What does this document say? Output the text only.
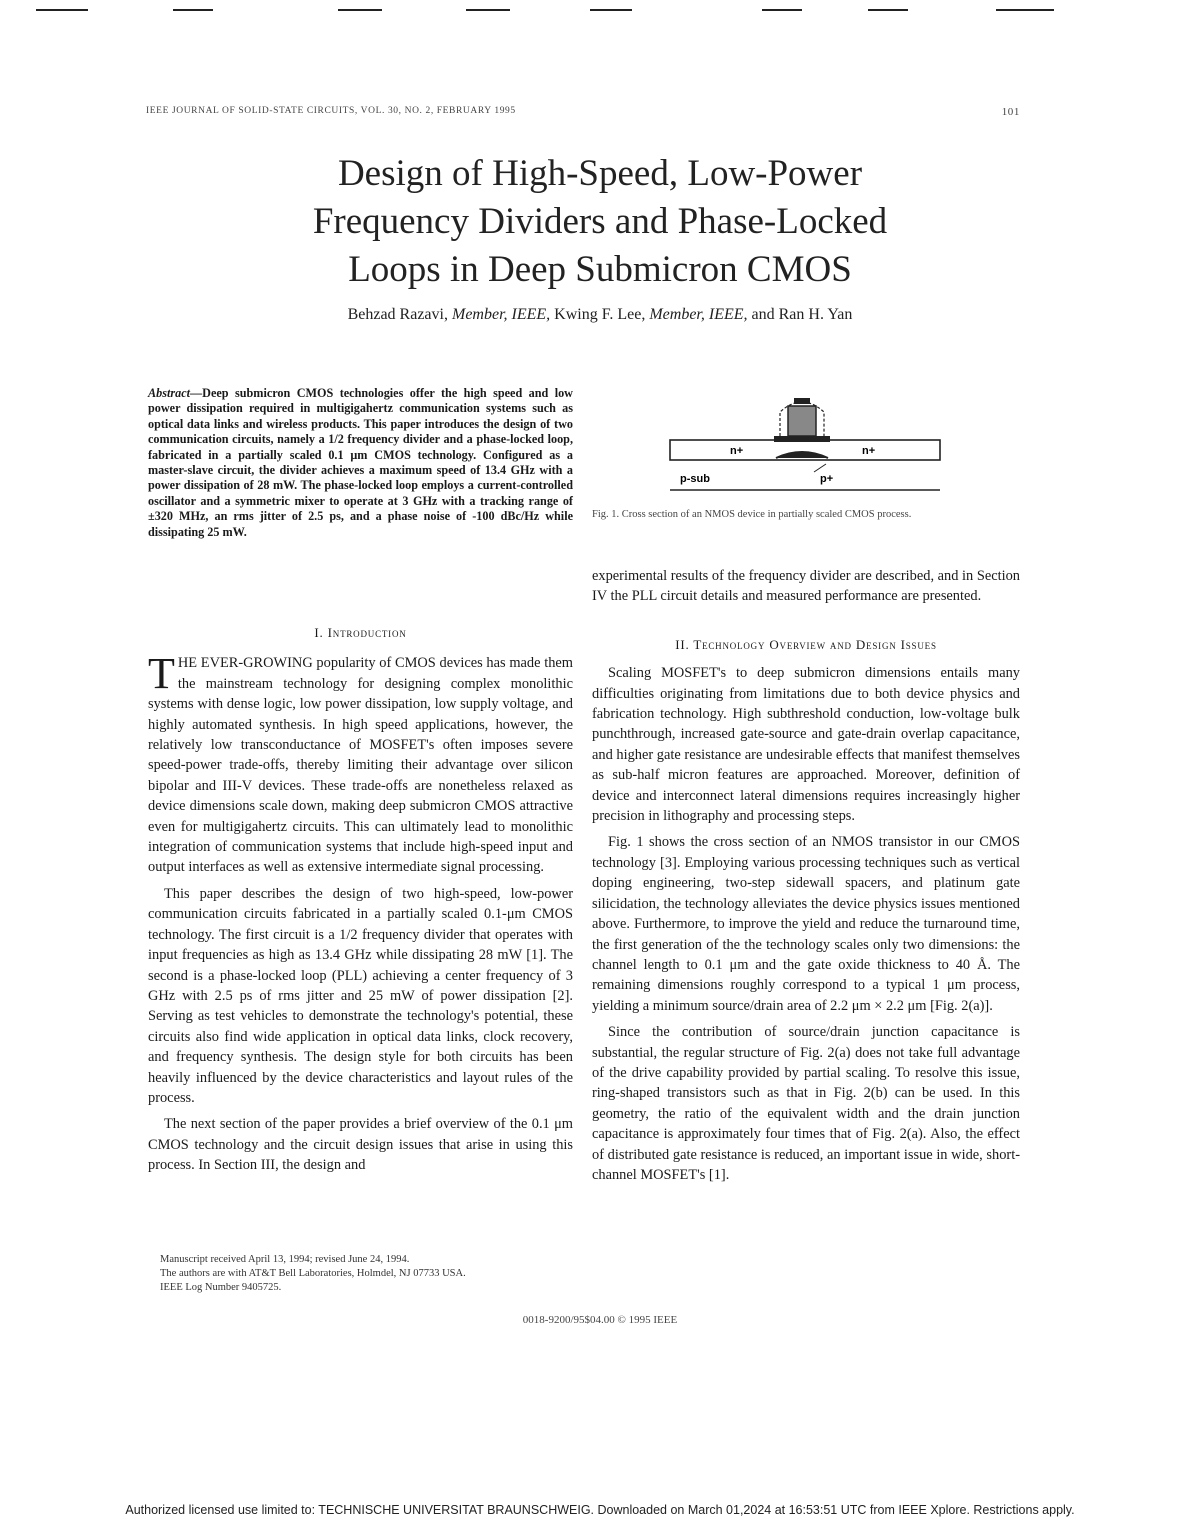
IEEE JOURNAL OF SOLID-STATE CIRCUITS, VOL. 30, NO. 2, FEBRUARY 1995	101
Design of High-Speed, Low-Power
Frequency Dividers and Phase-Locked
Loops in Deep Submicron CMOS
Behzad Razavi, Member, IEEE, Kwing F. Lee, Member, IEEE, and Ran H. Yan
Abstract—Deep submicron CMOS technologies offer the high speed and low power dissipation required in multigigahertz communication systems such as optical data links and wireless products. This paper introduces the design of two communication circuits, namely a 1/2 frequency divider and a phase-locked loop, fabricated in a partially scaled 0.1 μm CMOS technology. Configured as a master-slave circuit, the divider achieves a maximum speed of 13.4 GHz with a power dissipation of 28 mW. The phase-locked loop employs a current-controlled oscillator and a symmetric mixer to operate at 3 GHz with a tracking range of ±320 MHz, an rms jitter of 2.5 ps, and a phase noise of -100 dBc/Hz while dissipating 25 mW.

I. Introduction

THE EVER-GROWING popularity of CMOS devices has made them the mainstream technology for designing complex monolithic systems with dense logic, low power dissipation, low supply voltage, and highly automated synthesis. In high speed applications, however, the relatively low transconductance of MOSFET's often imposes severe speed-power trade-offs, thereby limiting their advantage over silicon bipolar and III-V devices. These trade-offs are nonetheless relaxed as device dimensions scale down, making deep submicron CMOS attractive even for multigigahertz circuits. This can ultimately lead to monolithic integration of communication systems that include high-speed input and output interfaces as well as extensive intermediate signal processing.

This paper describes the design of two high-speed, low-power communication circuits fabricated in a partially scaled 0.1-μm CMOS technology. The first circuit is a 1/2 frequency divider that operates with input frequencies as high as 13.4 GHz while dissipating 28 mW [1]. The second is a phase-locked loop (PLL) achieving a center frequency of 3 GHz with 2.5 ps of rms jitter and 25 mW of power dissipation [2]. Serving as test vehicles to demonstrate the technology's potential, these circuits also find wide application in optical data links, clock recovery, and frequency synthesis. The design style for both circuits has been heavily influenced by the device characteristics and layout rules of the process.

The next section of the paper provides a brief overview of the 0.1 μm CMOS technology and the circuit design issues that arise in using this process. In Section III, the design and

Manuscript received April 13, 1994; revised June 24, 1994.
The authors are with AT&T Bell Laboratories, Holmdel, NJ 07733 USA.
IEEE Log Number 9405725.
n+	n+
p-sub	p+
Fig. 1. Cross section of an NMOS device in partially scaled CMOS process.

experimental results of the frequency divider are described, and in Section IV the PLL circuit details and measured performance are presented.

II. Technology Overview and Design Issues

Scaling MOSFET's to deep submicron dimensions entails many difficulties originating from limitations due to both device physics and fabrication technology. High subthreshold conduction, low-voltage bulk punchthrough, increased gate-source and gate-drain overlap capacitance, and higher gate resistance are undesirable effects that manifest themselves as sub-half micron features are approached. Moreover, definition of device and interconnect lateral dimensions requires increasingly higher precision in lithography and processing steps.

Fig. 1 shows the cross section of an NMOS transistor in our CMOS technology [3]. Employing various processing techniques such as vertical doping engineering, two-step sidewall spacers, and platinum gate silicidation, the technology alleviates the device physics issues mentioned above. Furthermore, to improve the yield and reduce the turnaround time, the first generation of the the technology scales only two dimensions: the channel length to 0.1 μm and the gate oxide thickness to 40 Å. The remaining dimensions roughly correspond to a typical 1 μm process, yielding a minimum source/drain area of 2.2 μm × 2.2 μm [Fig. 2(a)].

Since the contribution of source/drain junction capacitance is substantial, the regular structure of Fig. 2(a) does not take full advantage of the drive capability provided by partial scaling. To resolve this issue, ring-shaped transistors such as that in Fig. 2(b) can be used. In this geometry, the ratio of the equivalent width and the drain junction capacitance is approximately four times that of Fig. 2(a). Also, the effect of distributed gate resistance is reduced, an important issue in wide, short-channel MOSFET's [1].

0018-9200/95$04.00 © 1995 IEEE
Authorized licensed use limited to: TECHNISCHE UNIVERSITAT BRAUNSCHWEIG. Downloaded on March 01,2024 at 16:53:51 UTC from IEEE Xplore. Restrictions apply.
